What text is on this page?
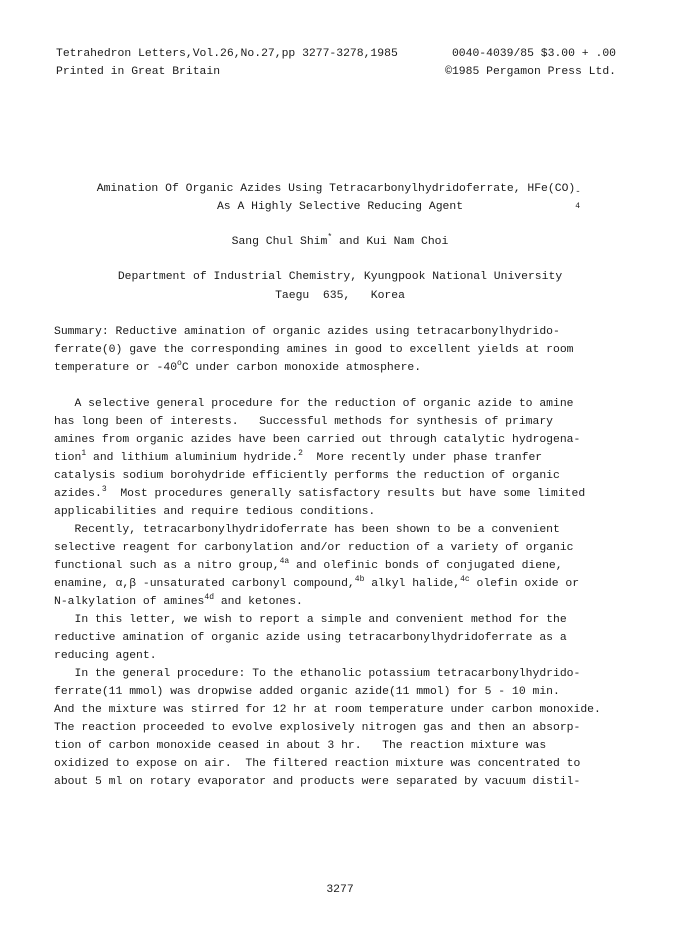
Tetrahedron Letters,Vol.26,No.27,pp 3277-3278,1985
Printed in Great Britain
0040-4039/85 $3.00 + .00
©1985 Pergamon Press Ltd.
Amination Of Organic Azides Using Tetracarbonylhydridoferrate, HFe(CO) -
4
As A Highly Selective Reducing Agent
Sang Chul Shim* and Kui Nam Choi
Department of Industrial Chemistry, Kyungpook National University
Taegu  635,   Korea
Summary: Reductive amination of organic azides using tetracarbonylhydrido-
ferrate(0) gave the corresponding amines in good to excellent yields at room
temperature or -40$^o$C under carbon monoxide atmosphere.
A selective general procedure for the reduction of organic azide to amine
has long been of interests.   Successful methods for synthesis of primary
amines from organic azides have been carried out through catalytic hydrogena-
tion$^1$ and lithium aluminium hydride.$^2$  More recently under phase tranfer
catalysis sodium borohydride efficiently performs the reduction of organic
azides.$^3$  Most procedures generally satisfactory results but have some limited
applicabilities and require tedious conditions.
Recently, tetracarbonylhydridoferrate has been shown to be a convenient
selective reagent for carbonylation and/or reduction of a variety of organic
functional such as a nitro group,$^{4a}$ and olefinic bonds of conjugated diene,
enamine, α,β -unsaturated carbonyl compound,$^{4b}$ alkyl halide,$^{4c}$ olefin oxide or
N-alkylation of amines$^{4d}$ and ketones.
In this letter, we wish to report a simple and convenient method for the
reductive amination of organic azide using tetracarbonylhydridoferrate as a
reducing agent.
In the general procedure: To the ethanolic potassium tetracarbonylhydrido-
ferrate(11 mmol) was dropwise added organic azide(11 mmol) for 5 - 10 min.
And the mixture was stirred for 12 hr at room temperature under carbon monoxide.
The reaction proceeded to evolve explosively nitrogen gas and then an absorp-
tion of carbon monoxide ceased in about 3 hr.   The reaction mixture was
oxidized to expose on air.  The filtered reaction mixture was concentrated to
about 5 ml on rotary evaporator and products were separated by vacuum distil-
3277
